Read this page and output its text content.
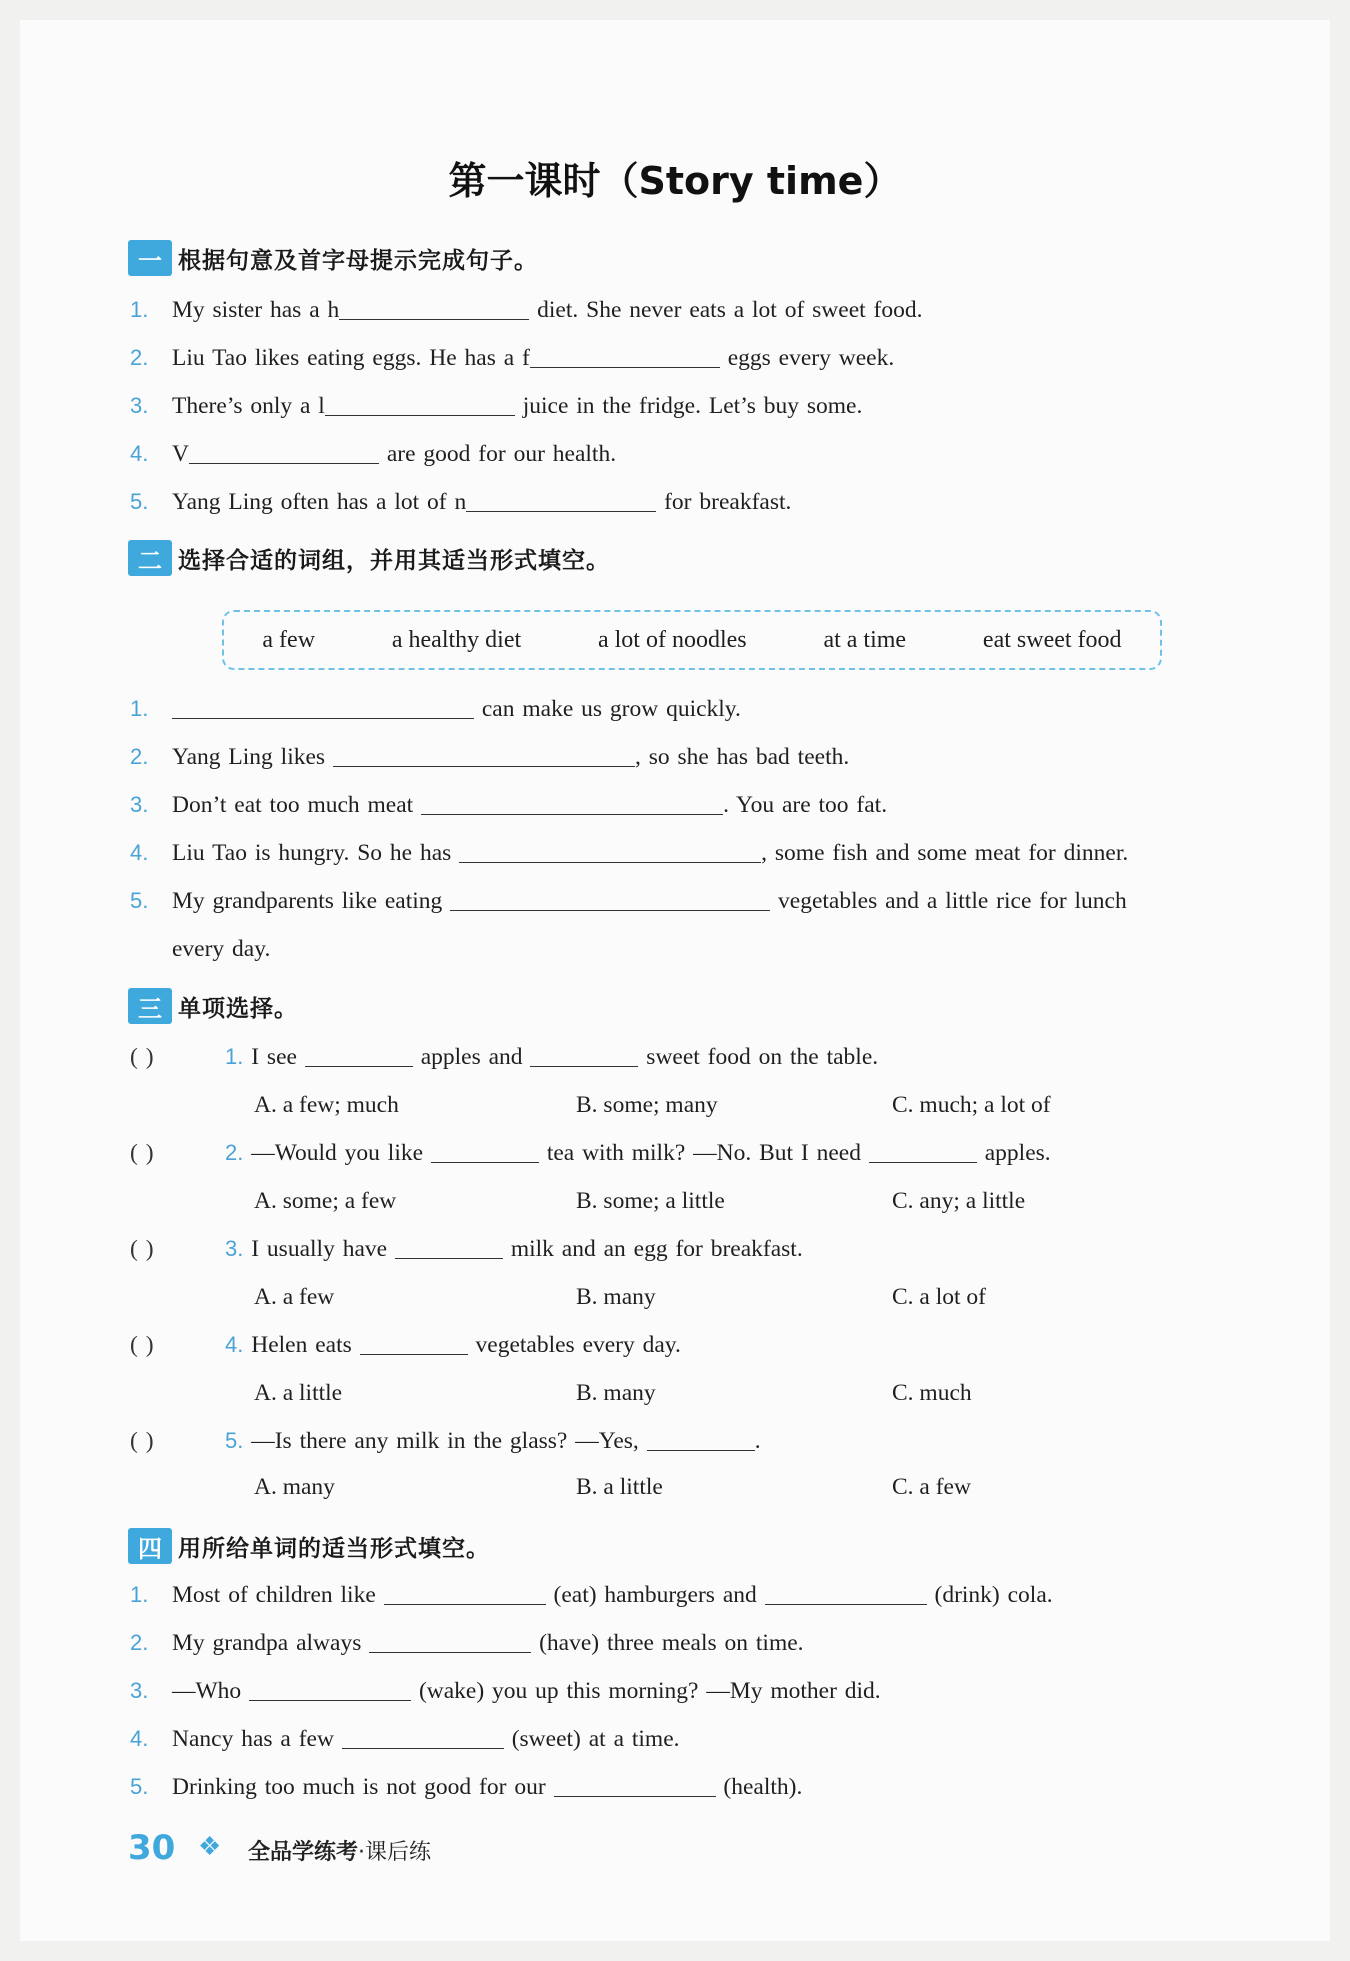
第一课时（Story time）
一 根据句意及首字母提示完成句子。
1. My sister has a h	diet. She never eats a lot of sweet food.
2. Liu Tao likes eating eggs. He has a f	eggs every week.
3. There’s only a l	juice in the fridge. Let’s buy some.
4. V	are good for our health.
5. Yang Ling often has a lot of n	for breakfast.
二 选择合适的词组，并用其适当形式填空。
a few	a healthy diet	a lot of noodles	at a time	eat sweet food
1.	can make us grow quickly.
2. Yang Ling likes	, so she has bad teeth.
3. Don’t eat too much meat	. You are too fat.
4. Liu Tao is hungry. So he has	, some fish and some meat for dinner.
5. My grandparents like eating	vegetables and a little rice for lunch
every day.
三 单项选择。
( )	1. I see	apples and	sweet food on the table.
A. a few; much	B. some; many	C. much; a lot of
( )	2. —Would you like	tea with milk? —No. But I need	apples.
A. some; a few	B. some; a little	C. any; a little
( )	3. I usually have	milk and an egg for breakfast.
A. a few	B. many	C. a lot of
( )	4. Helen eats	vegetables every day.
A. a little	B. many	C. much
( )	5. —Is there any milk in the glass? —Yes,	.
A. many	B. a little	C. a few
四 用所给单词的适当形式填空。
1. Most of children like	(eat) hamburgers and	(drink) cola.
2. My grandpa always	(have) three meals on time.
3. —Who	(wake) you up this morning? —My mother did.
4. Nancy has a few	(sweet) at a time.
5. Drinking too much is not good for our	(health).
30 ❖ 全品学练考·课后练
